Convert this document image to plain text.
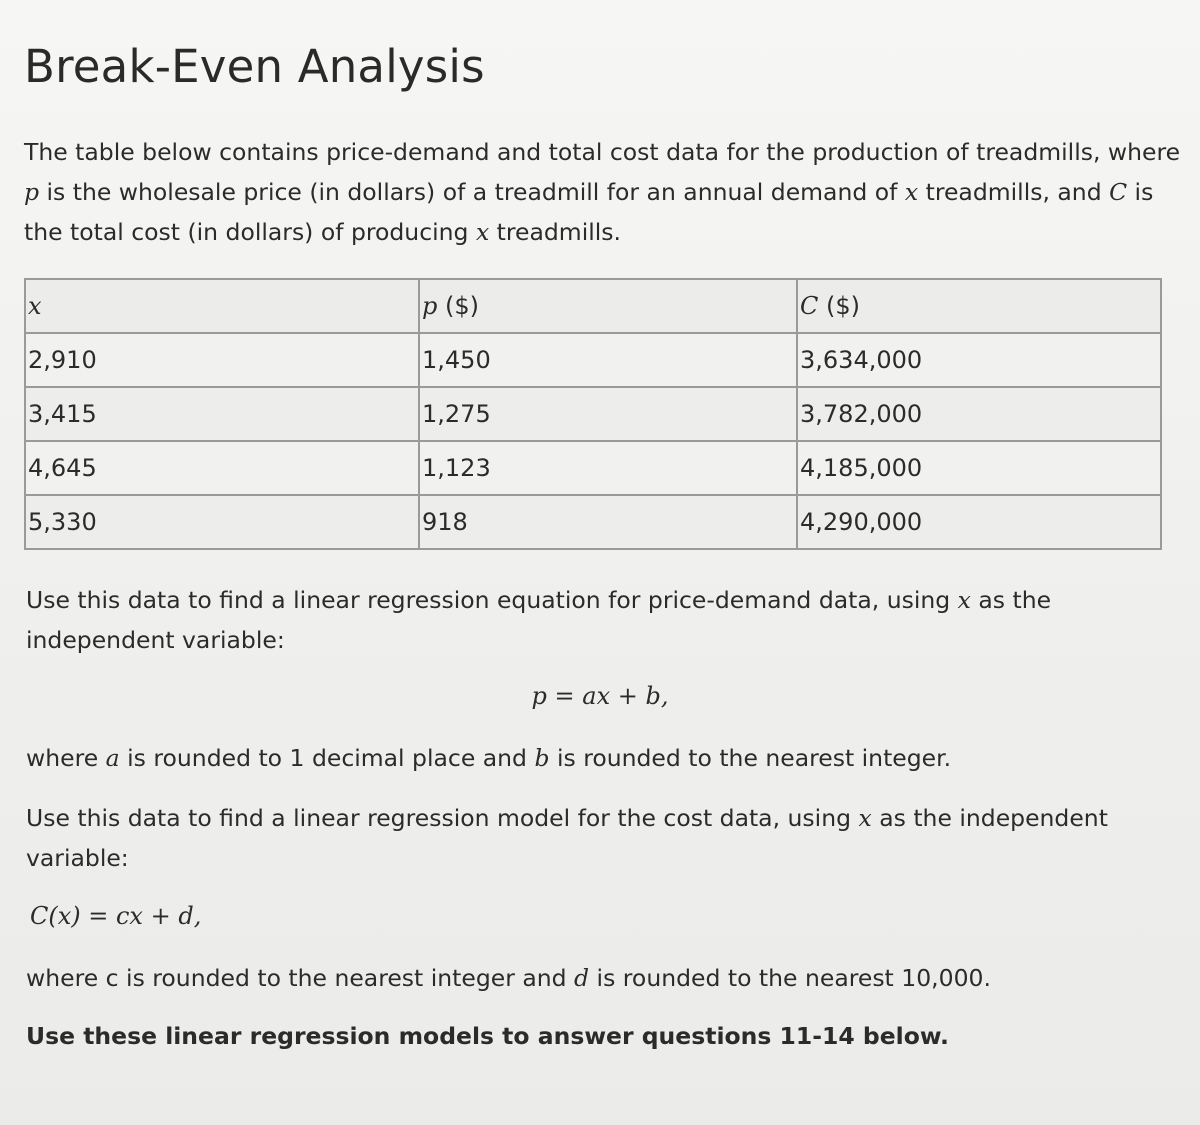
Break-Even Analysis
The table below contains price-demand and total cost data for the production of treadmills, where p is the wholesale price (in dollars) of a treadmill for an annual demand of x treadmills, and C is the total cost (in dollars) of producing x treadmills.
x	p ($)	C ($)
2,910	1,450	3,634,000
3,415	1,275	3,782,000
4,645	1,123	4,185,000
5,330	918	4,290,000
Use this data to find a linear regression equation for price-demand data, using x as the independent variable:
p = ax + b,
where a is rounded to 1 decimal place and b is rounded to the nearest integer.
Use this data to find a linear regression model for the cost data, using x as the independent variable:
C(x) = cx + d,
where c is rounded to the nearest integer and d is rounded to the nearest 10,000.
Use these linear regression models to answer questions 11-14 below.
